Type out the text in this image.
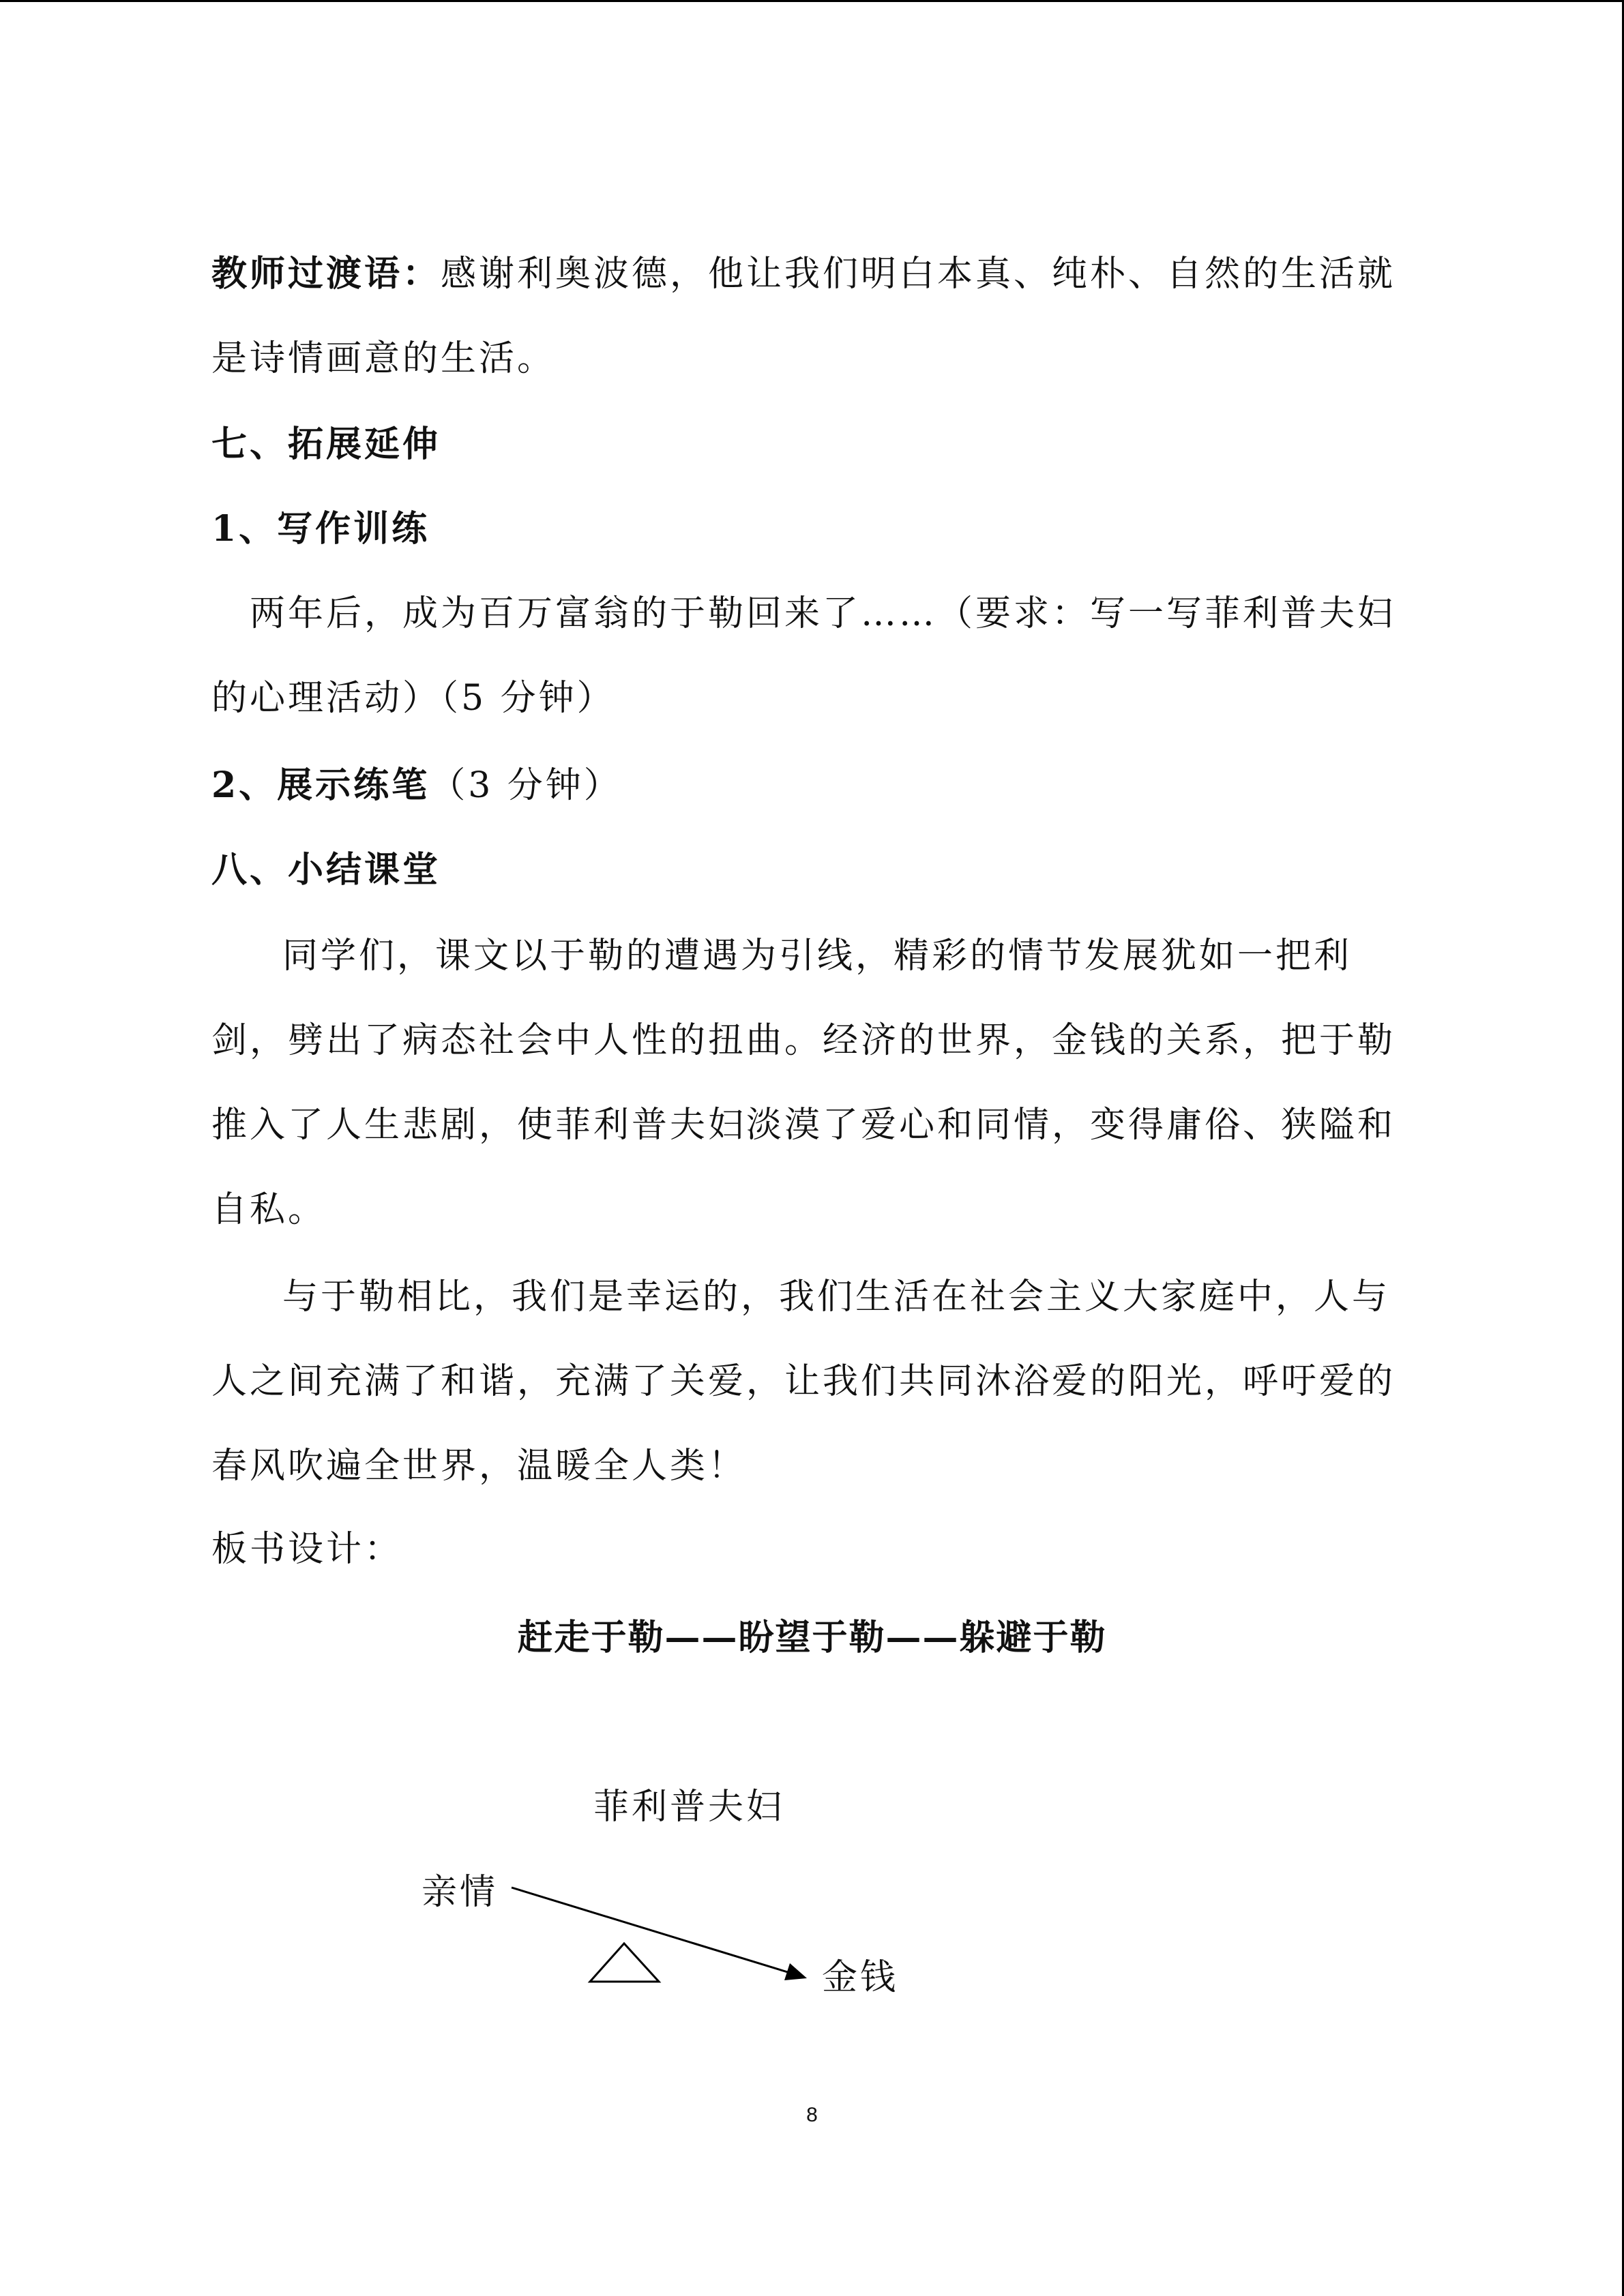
教师过渡语：感谢利奥波德，他让我们明白本真、纯朴、自然的生活就是诗情画意的生活。

七、拓展延伸

1、写作训练

两年后，成为百万富翁的于勒回来了……（要求：写一写菲利普夫妇的心理活动）（5 分钟）

2、展示练笔（3 分钟）

八、小结课堂

同学们，课文以于勒的遭遇为引线，精彩的情节发展犹如一把利剑，劈出了病态社会中人性的扭曲。经济的世界，金钱的关系，把于勒推入了人生悲剧，使菲利普夫妇淡漠了爱心和同情，变得庸俗、狭隘和自私。

与于勒相比，我们是幸运的，我们生活在社会主义大家庭中，人与人之间充满了和谐，充满了关爱，让我们共同沐浴爱的阳光，呼吁爱的春风吹遍全世界，温暖全人类！

板书设计：

赶走于勒——盼望于勒——躲避于勒

菲利普夫妇
亲情
金钱
8
